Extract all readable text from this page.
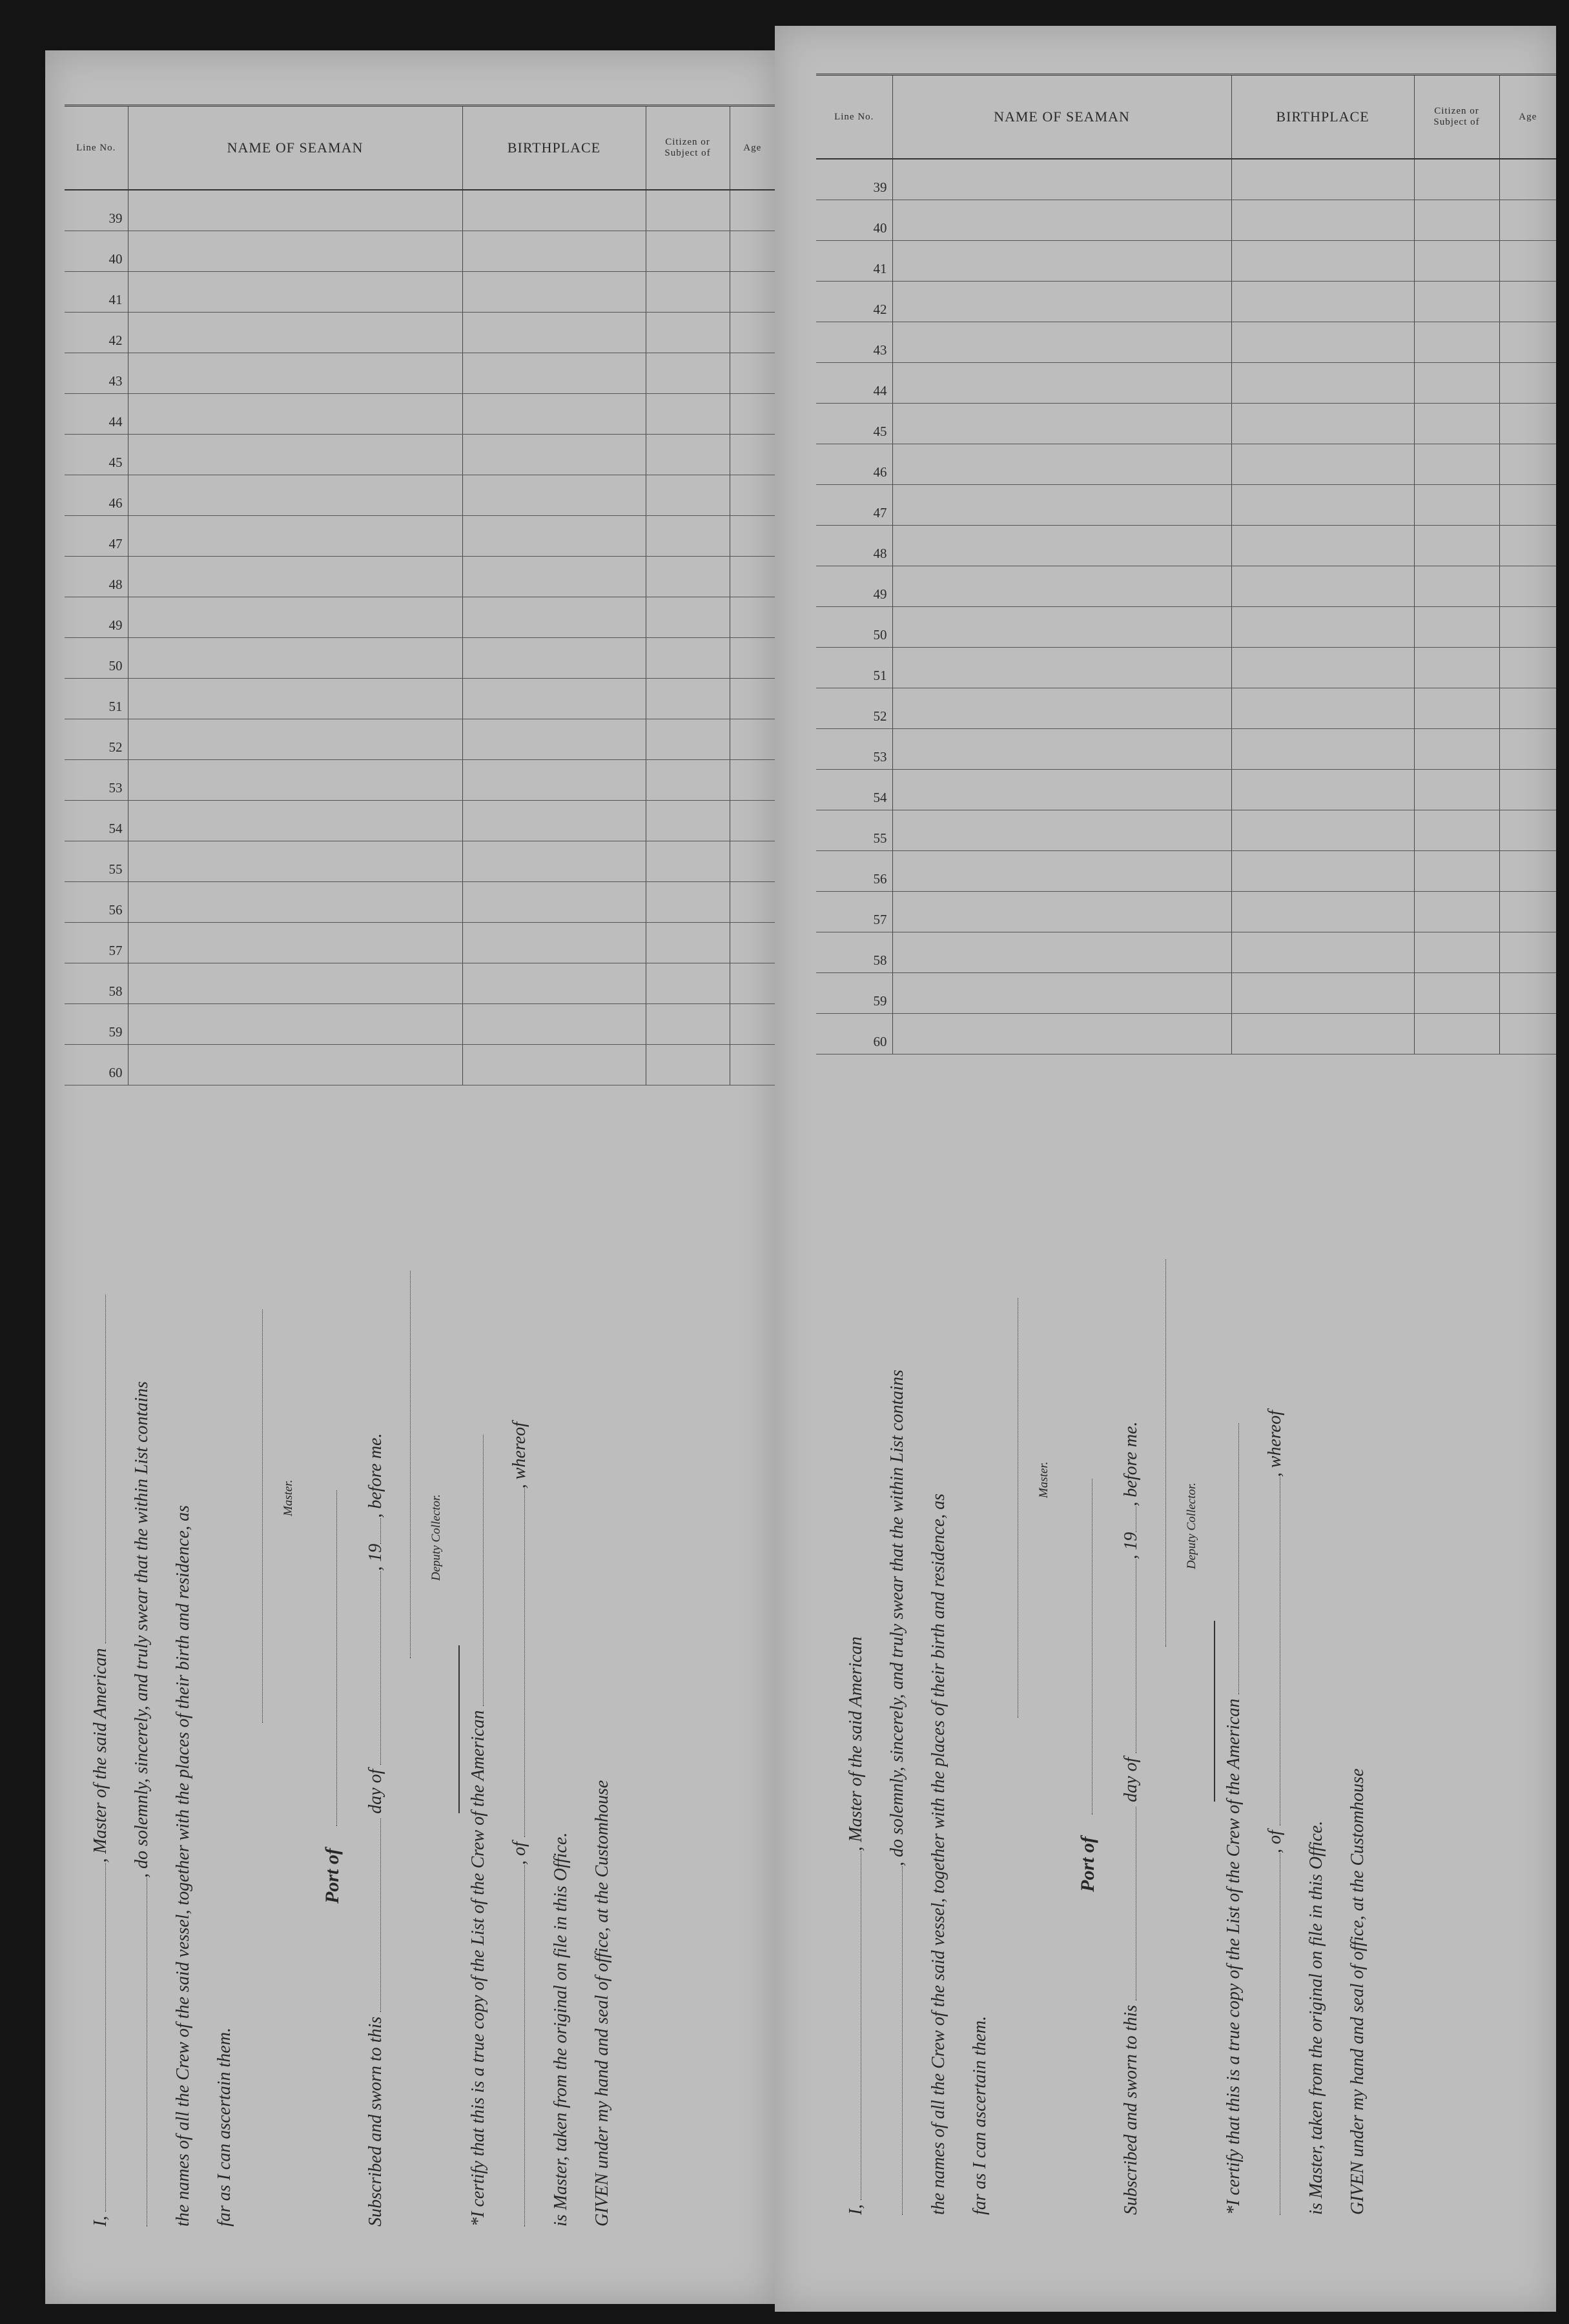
Line No.	NAME OF SEAMAN	BIRTHPLACE	Citizen or Subject of	Age
39				
40				
41				
42				
43				
44				
45				
46				
47				
48				
49				
50				
51				
52				
53				
54				
55				
56				
57				
58				
59				
60				
I, , Master of the said American	, do solemnly, sincerely, and truly swear that the within List contains	the names of all the Crew of the said vessel, together with the places of their birth and residence, as	far as I can ascertain them.
Master.
Port of
Subscribed and sworn to this  day of , 19, before me.
Deputy Collector.
*I certify that this is a true copy of the List of the Crew of the American	, of , whereof
is Master, taken from the original on file in this Office.	GIVEN under my hand and seal of office, at the Customhouse
Line No.	NAME OF SEAMAN	BIRTHPLACE	Citizen or Subject of	Age
39				
40				
41				
42				
43				
44				
45				
46				
47				
48				
49				
50				
51				
52				
53				
54				
55				
56				
57				
58				
59				
60				
I, , Master of the said American	, do solemnly, sincerely, and truly swear that the within List contains	the names of all the Crew of the said vessel, together with the places of their birth and residence, as	far as I can ascertain them.
Master.
Port of
Subscribed and sworn to this  day of , 19, before me.
Deputy Collector.
*I certify that this is a true copy of the List of the Crew of the American	, of , whereof
is Master, taken from the original on file in this Office.	GIVEN under my hand and seal of office, at the Customhouse
